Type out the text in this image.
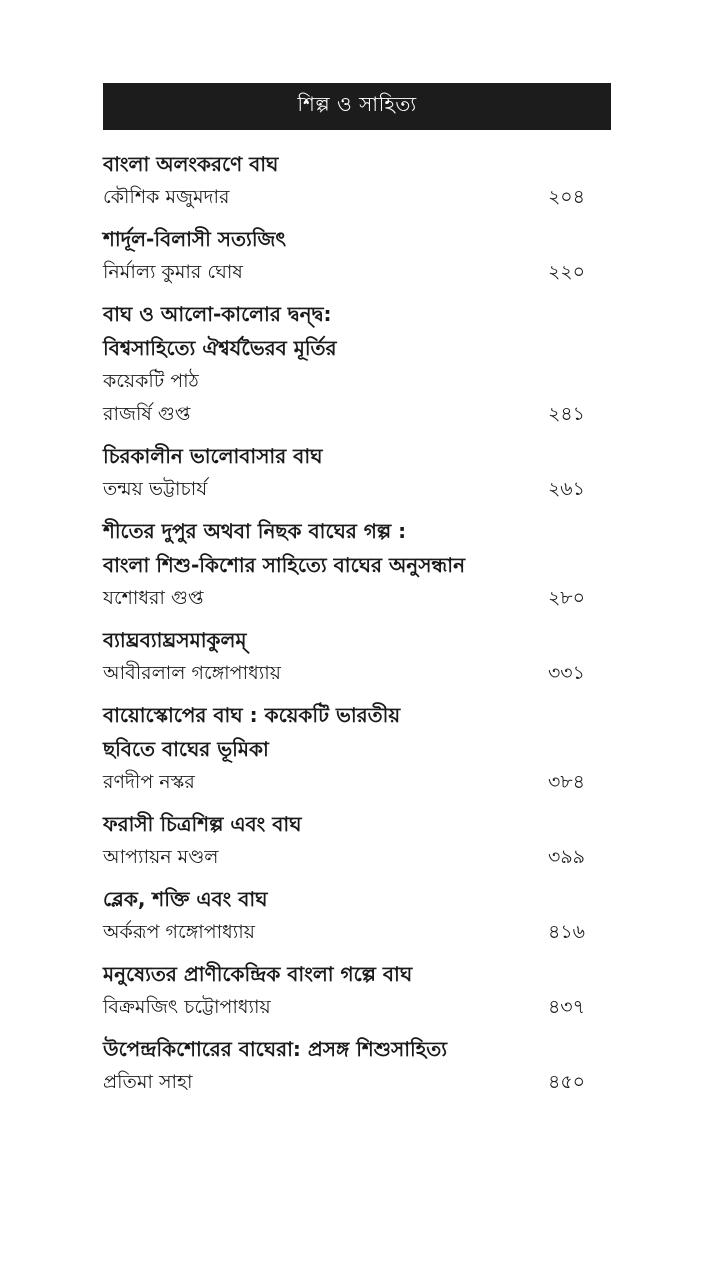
শিল্প ও সাহিত্য
বাংলা অলংকরণে বাঘ
কৌশিক মজুমদার	২০৪
শার্দূল-বিলাসী সত্যজিৎ
নির্মাল্য কুমার ঘোষ	২২০
বাঘ ও আলো-কালোর দ্বন্দ্ব:
বিশ্বসাহিত্যে ঐশ্বর্যভৈরব মূর্তির
কয়েকটি পাঠ
রাজর্ষি গুপ্ত	২৪১
চিরকালীন ভালোবাসার বাঘ
তন্ময় ভট্টাচার্য	২৬১
শীতের দুপুর অথবা নিছক বাঘের গল্প :
বাংলা শিশু-কিশোর সাহিত্যে বাঘের অনুসন্ধান
যশোধরা গুপ্ত	২৮০
ব্যাঘ্রব্যাঘ্রসমাকুলম্
আবীরলাল গঙ্গোপাধ্যায়	৩৩১
বায়োস্কোপের বাঘ : কয়েকটি ভারতীয়
ছবিতে বাঘের ভূমিকা
রণদীপ নস্কর	৩৮৪
ফরাসী চিত্রশিল্প এবং বাঘ
আপ্যায়ন মণ্ডল	৩৯৯
ব্লেক, শক্তি এবং বাঘ
অর্করূপ গঙ্গোপাধ্যায়	৪১৬
মনুষ্যেতর প্রাণীকেন্দ্রিক বাংলা গল্পে বাঘ
বিক্রমজিৎ চট্টোপাধ্যায়	৪৩৭
উপেন্দ্রকিশোরের বাঘেরা: প্রসঙ্গ শিশুসাহিত্য
প্রতিমা সাহা	৪৫০
